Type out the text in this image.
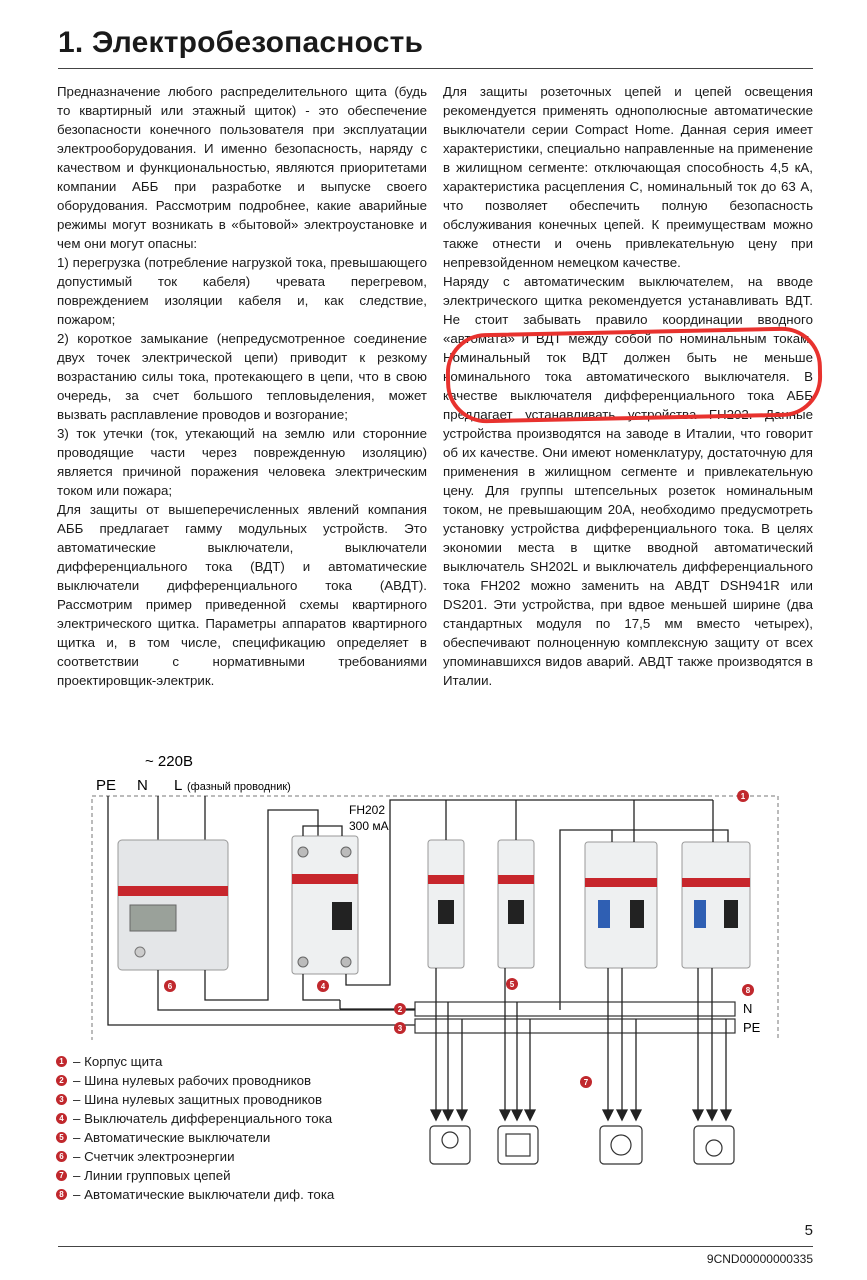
1. Электробезопасность

Предназначение любого распределительного щита (будь то квартирный или этажный щиток) - это обеспечение безопасности конечного пользователя при эксплуатации электрооборудования. И именно безопасность, наряду с качеством и функциональностью, являются приоритетами компании АББ при разработке и выпуске своего оборудования. Рассмотрим подробнее, какие аварийные режимы могут возникать в «бытовой» электроустановке и чем они могут опасны:

1) перегрузка (потребление нагрузкой тока, превышающего допустимый ток кабеля) чревата перегревом, повреждением изоляции кабеля и, как следствие, пожаром;

2) короткое замыкание (непредусмотренное соединение двух точек электрической цепи) приводит к резкому возрастанию силы тока, протекающего в цепи, что в свою очередь, за счет большого тепловыделения, может вызвать расплавление проводов и возгорание;

3) ток утечки (ток, утекающий на землю или сторонние проводящие части через поврежденную изоляцию) является причиной поражения человека электрическим током или пожара;

Для защиты от вышеперечисленных явлений компания АББ предлагает гамму модульных устройств. Это автоматические выключатели, выключатели дифференциального тока (ВДТ) и автоматические выключатели дифференциального тока (АВДТ). Рассмотрим пример приведенной схемы квартирного электрического щитка. Параметры аппаратов квартирного щитка и, в том числе, спецификацию определяет в соответствии с нормативными требованиями проектировщик-электрик.

Для защиты розеточных цепей и цепей освещения рекомендуется применять однополюсные автоматические выключатели серии Compact Home. Данная серия имеет характеристики, специально направленные на применение в жилищном сегменте: отключающая способность 4,5 кА, характеристика расцепления C, номинальный ток до 63 А, что позволяет обеспечить полную безопасность обслуживания конечных цепей. К преимуществам можно также отнести и очень привлекательную цену при непревзойденном немецком качестве.

Наряду с автоматическим выключателем, на вводе электрического щитка рекомендуется устанавливать ВДТ. Не стоит забывать правило координации вводного «автомата» и ВДТ между собой по номинальным токам. Номинальный ток ВДТ должен быть не меньше номинального тока автоматического выключателя. В качестве выключателя дифференциального тока АББ предлагает устанавливать устройства FH202. Данные устройства производятся на заводе в Италии, что говорит об их качестве. Они имеют номенклатуру, достаточную для применения в жилищном сегменте и привлекательную цену. Для группы штепсельных розеток номинальным током, не превышающим 20А, необходимо предусмотреть установку устройства дифференциального тока. В целях экономии места в щитке вводной автоматический выключатель SH202L и выключатель дифференциального тока FH202 можно заменить на АВДТ DSH941R или DS201. Эти устройства, при вдвое меньшей ширине (два стандартных модуля по 17,5 мм вместо четырех), обеспечивают полноценную комплексную защиту от всех упоминавшихся видов аварий. АВДТ также производятся в Италии.

~ 220В
PE N L (фазный проводник)
FH202
300 мА
N
PE
1
2
3
4	5
6	8
7
1 – Корпус щита
2 – Шина нулевых рабочих проводников
3 – Шина нулевых защитных проводников
4 – Выключатель дифференциального тока
5 – Автоматические выключатели
6 – Счетчик электроэнергии
7 – Линии групповых цепей
8 – Автоматические выключатели диф. тока
5
9CND00000000335
